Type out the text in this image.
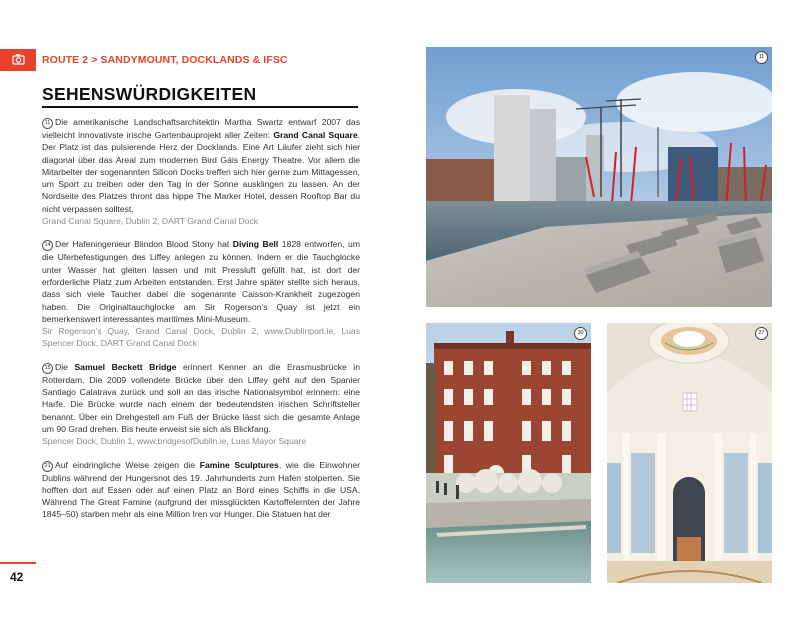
ROUTE 2 > SANDYMOUNT, DOCKLANDS & IFSC
SEHENSWÜRDIGKEITEN

11 Die amerikanische Landschaftsarchitektin Martha Swartz entwarf 2007 das vielleicht innovativste irische Gartenbauprojekt aller Zeiten: Grand Canal Square. Der Platz ist das pulsierende Herz der Docklands. Eine Art Läufer zieht sich hier diagonal über das Areal zum modernen Bird Gáis Energy Theatre. Vor allem die Mitarbeiter der sogenannten Silicon Docks treffen sich hier gerne zum Mittagessen, um Sport zu treiben oder den Tag in der Sonne ausklingen zu lassen. An der Nordseite des Platzes thront das hippe The Marker Hotel, dessen Rooftop Bar du nicht verpassen solltest.

Grand Canal Square, Dublin 2, DART Grand Canal Dock

14 Der Hafeningenieur Blindon Blood Stony hat Diving Bell 1828 entworfen, um die Uferbefestigungen des Liffey anlegen zu können. Indem er die Tauchglocke unter Wasser hat gleiten lassen und mit Pressluft gefüllt hat, ist dort der erforderliche Platz zum Arbeiten entstanden. Erst Jahre später stellte sich heraus, dass sich viele Taucher dabei die sogenannte Caisson-Krankheit zugezogen haben. Die Originaltauchglocke am Sir Rogerson’s Quay ist jetzt ein bemerkenswert interessantes maritimes Mini-Museum.

Sir Rogerson’s Quay, Grand Canal Dock, Dublin 2, www.Dublinport.ie, Luas Spencer Dock, DART Grand Canal Dock

15 Die Samuel Beckett Bridge erinnert Kenner an die Erasmusbrücke in Rotterdam. Die 2009 vollendete Brücke über den Liffey geht auf den Spanier Santiago Calatrava zurück und soll an das irische Nationalsymbol erinnern: eine Harfe. Die Brücke wurde nach einem der bedeutendsten irischen Schriftsteller benannt. Über ein Drehgestell am Fuß der Brücke lässt sich die gesamte Anlage um 90 Grad drehen. Bis heute erweist sie sich als Blickfang.

Spencer Dock, Dublin 1, www.bridgesofDublin.ie, Luas Mayor Square

21 Auf eindringliche Weise zeigen die Famine Sculptures, wie die Einwohner Dublins während der Hungersnot des 19. Jahrhunderts zum Hafen stolperten. Sie hofften dort auf Essen oder auf einen Platz an Bord eines Schiffs in die USA. Während The Great Famine (aufgrund der missglückten Kartoffelernten der Jahre 1845–50) starben mehr als eine Million Iren vor Hunger. Die Statuen hat der

42
11
30	27
